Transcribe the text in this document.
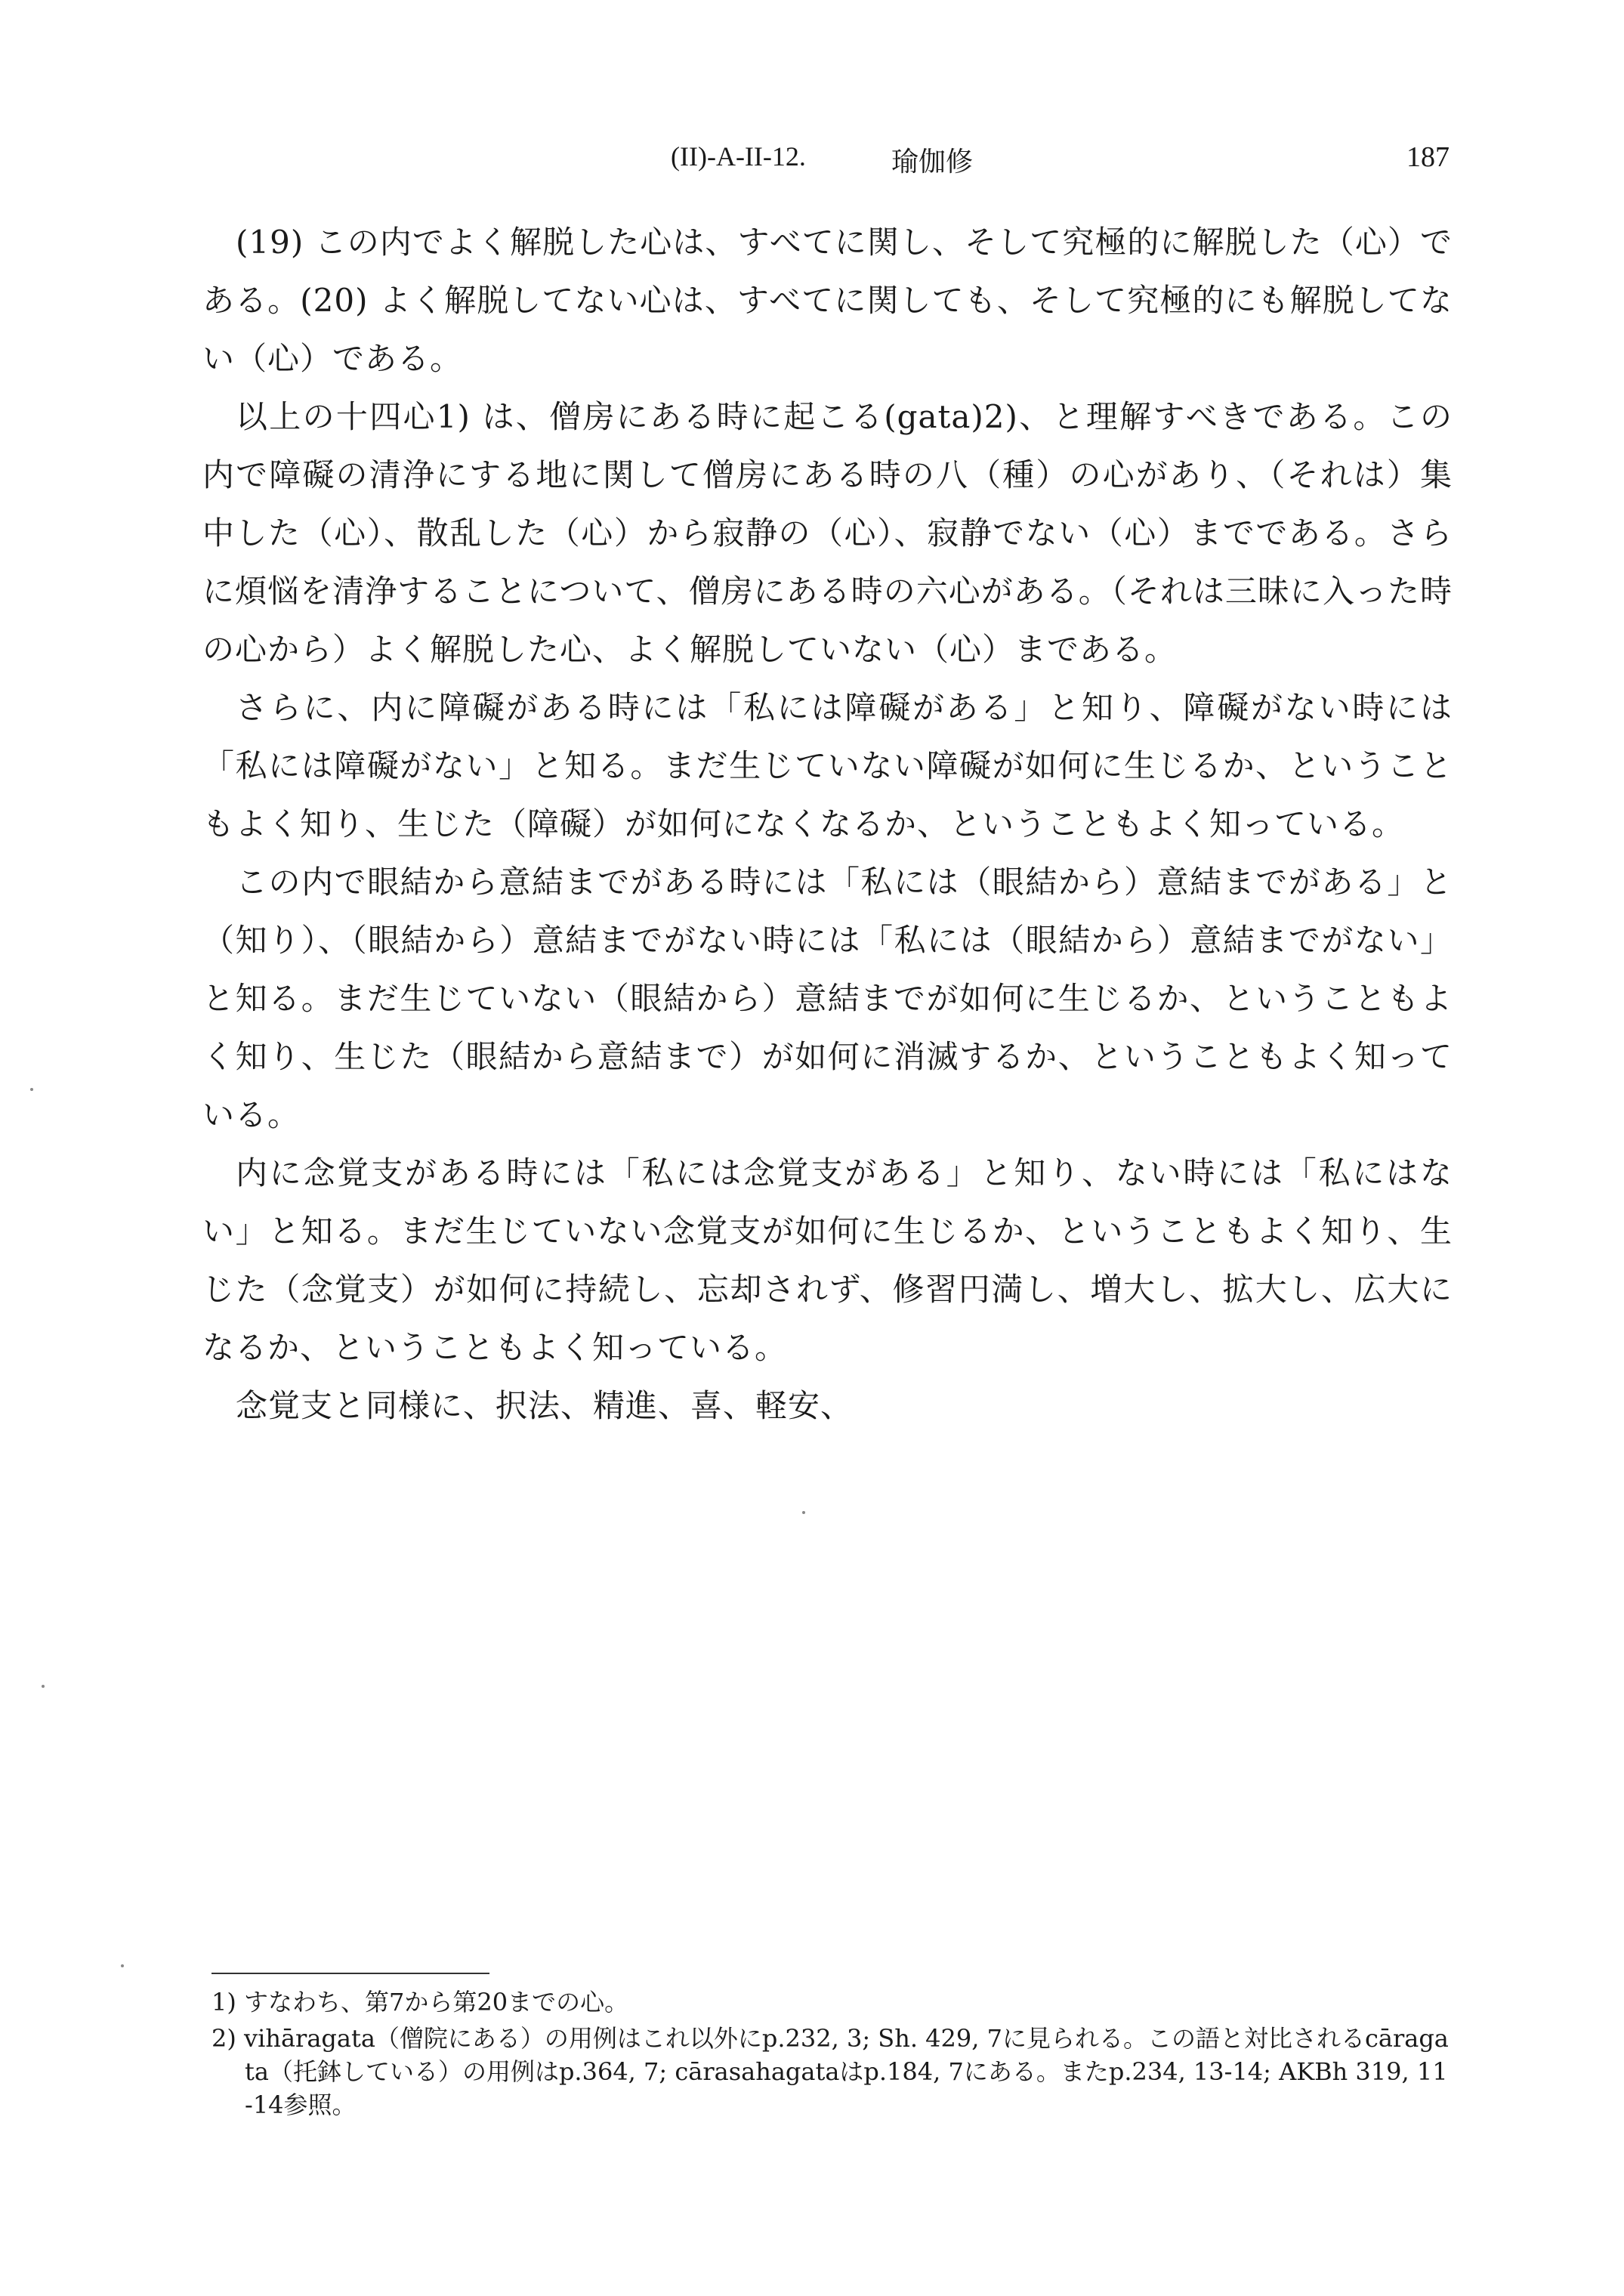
(II)-A-II-12.	瑜伽修	187

(19) この内でよく解脱した心は、すべてに関し、そして究極的に解脱した（心）である。(20) よく解脱してない心は、すべてに関しても、そして究極的にも解脱してない（心）である。

以上の十四心1) は、僧房にある時に起こる(gata)2)、と理解すべきである。この内で障礙の清浄にする地に関して僧房にある時の八（種）の心があり、（それは）集中した（心）、散乱した（心）から寂静の（心）、寂静でない（心）までである。さらに煩悩を清浄することについて、僧房にある時の六心がある。（それは三昧に入った時の心から）よく解脱した心、よく解脱していない（心）まである。

さらに、内に障礙がある時には「私には障礙がある」と知り、障礙がない時には「私には障礙がない」と知る。まだ生じていない障礙が如何に生じるか、ということもよく知り、生じた（障礙）が如何になくなるか、ということもよく知っている。

この内で眼結から意結までがある時には「私には（眼結から）意結までがある」と（知り）、（眼結から）意結までがない時には「私には（眼結から）意結までがない」と知る。まだ生じていない（眼結から）意結までが如何に生じるか、ということもよく知り、生じた（眼結から意結まで）が如何に消滅するか、ということもよく知っている。

内に念覚支がある時には「私には念覚支がある」と知り、ない時には「私にはない」と知る。まだ生じていない念覚支が如何に生じるか、ということもよく知り、生じた（念覚支）が如何に持続し、忘却されず、修習円満し、増大し、拡大し、広大になるか、ということもよく知っている。

念覚支と同様に、択法、精進、喜、軽安、

1) すなわち、第7から第20までの心。

2) vihāragata（僧院にある）の用例はこれ以外にp.232, 3; Sh. 429, 7に見られる。この語と対比されるcāragata（托鉢している）の用例はp.364, 7; cārasahagataはp.184, 7にある。またp.234, 13-14; AKBh 319, 11-14参照。
